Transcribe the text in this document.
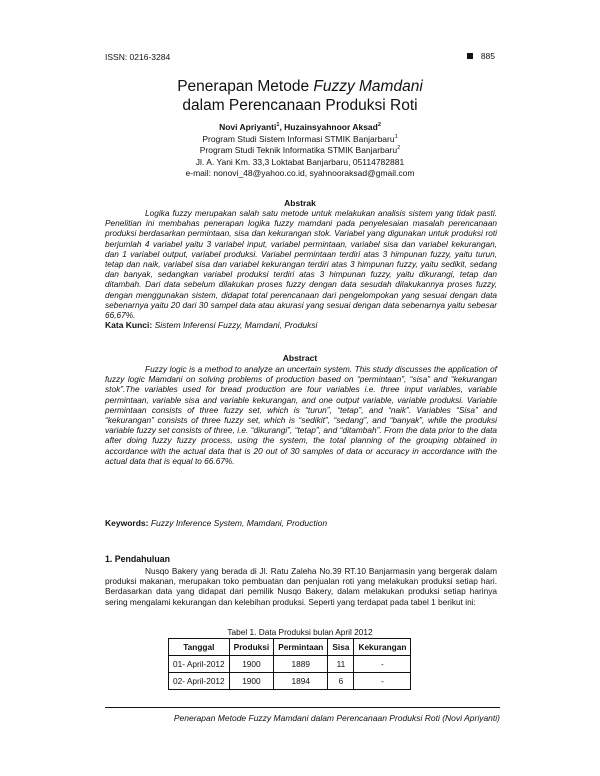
ISSN: 0216-3284	885
Penerapan Metode Fuzzy Mamdani
dalam Perencanaan Produksi Roti
Novi Apriyanti$^1$, Huzainsyahnoor Aksad$^2$
Program Studi Sistem Informasi STMIK Banjarbaru$^1$
Program Studi Teknik Informatika STMIK Banjarbaru$^2$
Jl. A. Yani Km. 33,3 Loktabat Banjarbaru, 05114782881
e-mail: nonovi_48@yahoo.co.id, syahnooraksad@gmail.com
Abstrak
Logika fuzzy merupakan salah satu metode untuk melakukan analisis sistem yang tidak pasti. Penelitian ini membahas penerapan logika fuzzy mamdani pada penyelesaian masalah perencanaan produksi berdasarkan permintaan, sisa dan kekurangan stok. Variabel yang digunakan untuk produksi roti berjumlah 4 variabel yaitu 3 variabel input, variabel permintaan, variabel sisa dan variabel kekurangan, dan 1 variabel output, variabel produksi. Variabel permintaan terdiri atas 3 himpunan fuzzy, yaitu turun, tetap dan naik, variabel sisa dan variabel kekurangan terdiri atas 3 himpunan fuzzy, yaitu sedikit, sedang dan banyak, sedangkan variabel produksi terdiri atas 3 himpunan fuzzy, yaitu dikurangi, tetap dan ditambah. Dari data sebelum dilakukan proses fuzzy dengan data sesudah dilakukannya proses fuzzy, dengan menggunakan sistem, didapat total perencanaan dari pengelompokan yang sesuai dengan data sebenarnya yaitu 20 dari 30 sampel data atau akurasi yang sesuai dengan data sebenarnya yaitu sebesar 66,67%.
Kata Kunci: Sistem Inferensi Fuzzy, Mamdani, Produksi
Abstract
Fuzzy logic is a method to analyze an uncertain system. This study discusses the application of fuzzy logic Mamdani on solving problems of production based on “permintaan”, “sisa” and “kekurangan stok”.The variables used for bread production are four variables i.e. three input variables, variable permintaan, variable sisa and variable kekurangan, and one output variable, variable produksi. Variable permintaan consists of three fuzzy set, which is “turun”, “tetap”, and “naik”. Variables “Sisa” and “kekurangan” consists of three fuzzy set, which is “sedikit”, “sedang”, and “banyak”, while the produksi variable fuzzy set consists of three, i.e. “dikurangi”, “tetap”, and “ditambah”. From the data prior to the data after doing fuzzy fuzzy process, using the system, the total planning of the grouping obtained in accordance with the actual data that is 20 out of 30 samples of data or accuracy in accordance with the actual data that is equal to 66.67%.
Keywords: Fuzzy Inference System, Mamdani, Production
1. Pendahuluan
Nusqo Bakery yang berada di Jl. Ratu Zaleha No.39 RT.10 Banjarmasin yang bergerak dalam produksi makanan, merupakan toko pembuatan dan penjualan roti yang melakukan produksi setiap hari. Berdasarkan data yang didapat dari pemilik Nusqo Bakery, dalam melakukan produksi setiap harinya sering mengalami kekurangan dan kelebihan produksi. Seperti yang terdapat pada tabel 1 berikut ini:
Tabel 1. Data Produksi bulan April 2012
Tanggal	Produksi	Permintaan	Sisa	Kekurangan
01- April-2012	1900	1889	11	-
02- April-2012	1900	1894	6	-
Penerapan Metode Fuzzy Mamdani dalam Perencanaan Produksi Roti (Novi Apriyanti)
